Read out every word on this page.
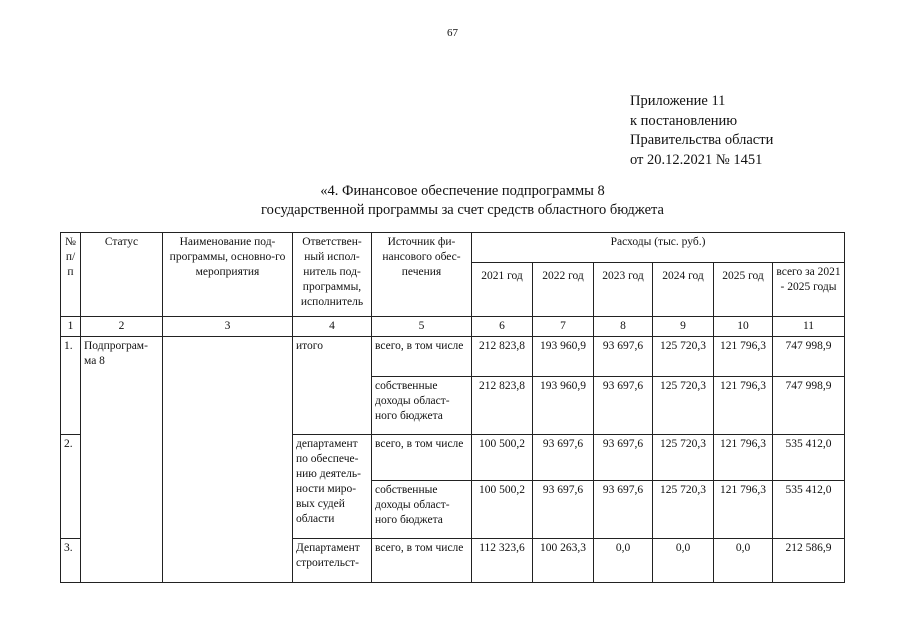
67
Приложение 11
к постановлению
Правительства области
от 20.12.2021 № 1451
«4. Финансовое обеспечение подпрограммы 8
государственной программы за счет средств областного бюджета
№ п/п	Статус	Наименование под-программы, основно-го мероприятия	Ответствен-ный испол-нитель под-программы, исполнитель	Источник фи-нансового обес-печения	Расходы (тыс. руб.)					
					2021 год	2022 год	2023 год	2024 год	2025 год	всего за 2021 - 2025 годы
1	2	3	4	5	6	7	8	9	10	11
1.	Подпрограм-ма 8		итого	всего, в том числе	212 823,8	193 960,9	93 697,6	125 720,3	121 796,3	747 998,9
				собственные доходы област-ного бюджета	212 823,8	193 960,9	93 697,6	125 720,3	121 796,3	747 998,9
2.			департамент по обеспече-нию деятель-ности миро-вых судей области	всего, в том числе	100 500,2	93 697,6	93 697,6	125 720,3	121 796,3	535 412,0
				собственные доходы област-ного бюджета	100 500,2	93 697,6	93 697,6	125 720,3	121 796,3	535 412,0
3.			Департамент строительст-	всего, в том числе	112 323,6	100 263,3	0,0	0,0	0,0	212 586,9
